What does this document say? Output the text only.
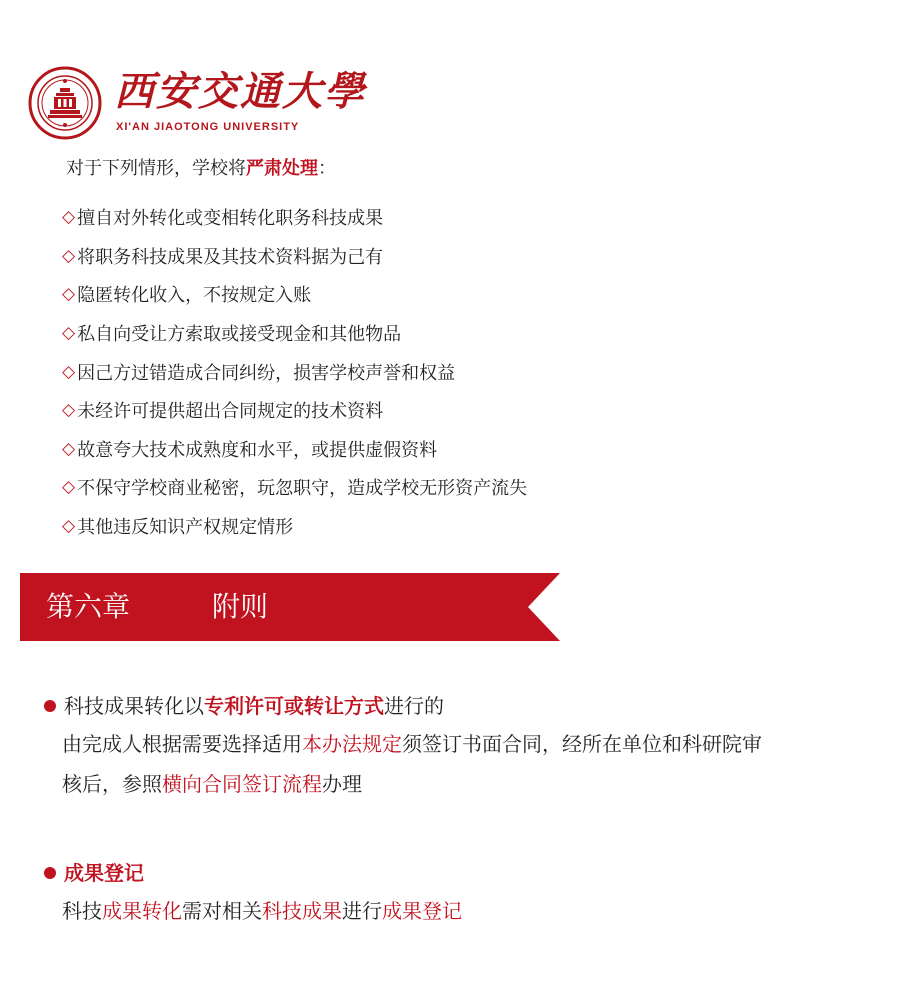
西安交通大學
XI'AN JIAOTONG UNIVERSITY
对于下列情形，学校将严肃处理：
◇ 擅自对外转化或变相转化职务科技成果
◇ 将职务科技成果及其技术资料据为己有
◇ 隐匿转化收入，不按规定入账
◇ 私自向受让方索取或接受现金和其他物品
◇ 因己方过错造成合同纠纷，损害学校声誉和权益
◇ 未经许可提供超出合同规定的技术资料
◇ 故意夸大技术成熟度和水平，或提供虚假资料
◇ 不保守学校商业秘密，玩忽职守，造成学校无形资产流失
◇ 其他违反知识产权规定情形
第六章	附则
科技成果转化以 专利许可或转让方式 进行的
由完成人根据需要选择适用本办法规定须签订书面合同，经所在单位和科研院审
核后，参照横向合同签订流程办理
成果登记
科技成果转化需对相关科技成果进行成果登记
